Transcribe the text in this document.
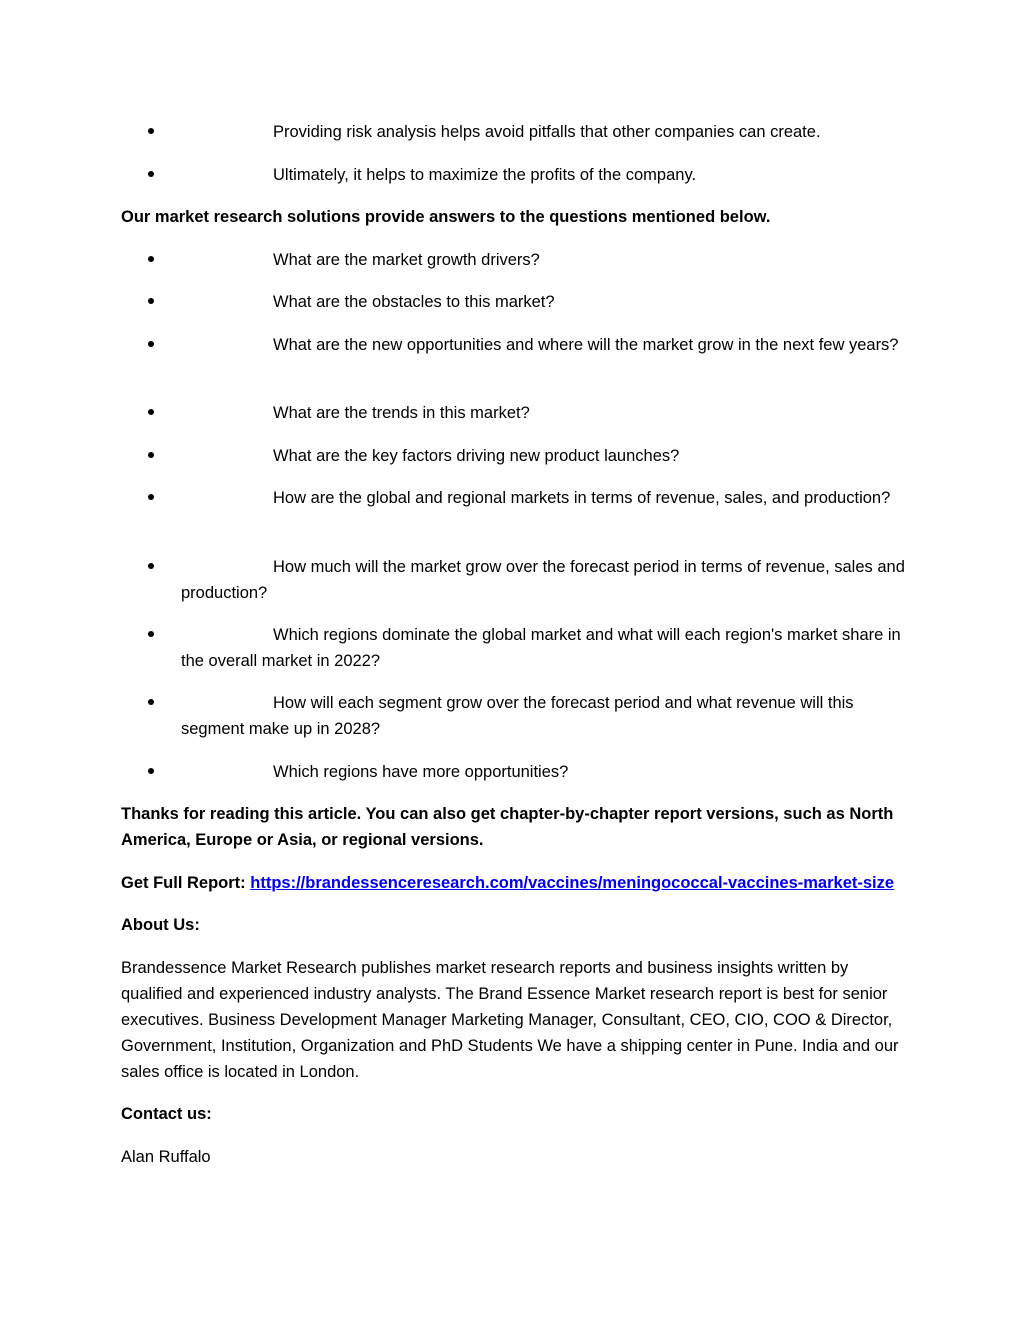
Providing risk analysis helps avoid pitfalls that other companies can create.
Ultimately, it helps to maximize the profits of the company.

Our market research solutions provide answers to the questions mentioned below.

What are the market growth drivers?
What are the obstacles to this market?
What are the new opportunities and where will the market grow in the next few years?
What are the trends in this market?
What are the key factors driving new product launches?
How are the global and regional markets in terms of revenue, sales, and production?
How much will the market grow over the forecast period in terms of revenue, sales and production?
Which regions dominate the global market and what will each region's market share in the overall market in 2022?
How will each segment grow over the forecast period and what revenue will this segment make up in 2028?
Which regions have more opportunities?

Thanks for reading this article. You can also get chapter-by-chapter report versions, such as North America, Europe or Asia, or regional versions.

Get Full Report: https://brandessenceresearch.com/vaccines/meningococcal-vaccines-market-size

About Us:

Brandessence Market Research publishes market research reports and business insights written by qualified and experienced industry analysts. The Brand Essence Market research report is best for senior executives. Business Development Manager Marketing Manager, Consultant, CEO, CIO, COO & Director, Government, Institution, Organization and PhD Students We have a shipping center in Pune. India and our sales office is located in London.

Contact us:

Alan Ruffalo
